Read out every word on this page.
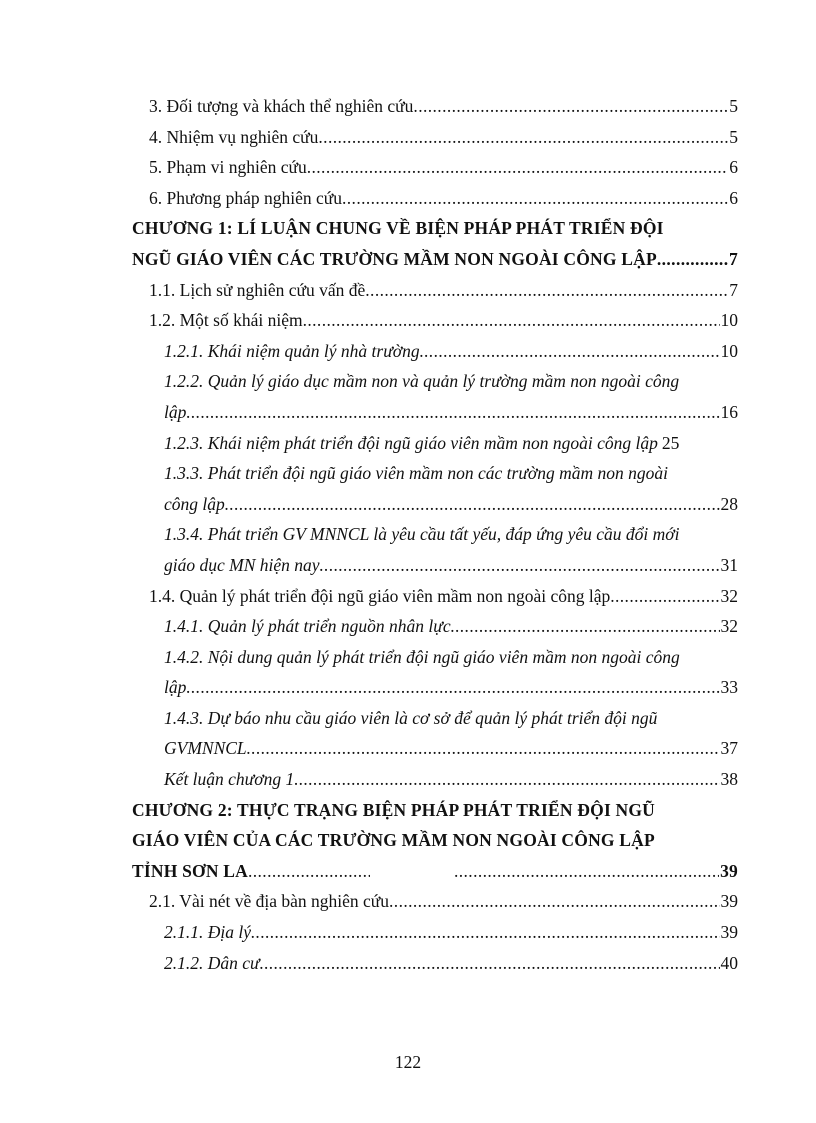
3. Đối tượng và khách thể nghiên cứu .....	5
4. Nhiệm vụ nghiên cứu .....	5
5. Phạm vi nghiên cứu .....	6
6. Phương pháp nghiên cứu .....	6
CHƯƠNG 1: LÍ LUẬN CHUNG VỀ BIỆN PHÁP PHÁT TRIỂN ĐỘI
NGŨ GIÁO VIÊN CÁC TRƯỜNG MẦM NON NGOÀI CÔNG LẬP .....	7
1.1. Lịch sử nghiên cứu vấn đề .....	7
1.2. Một số khái niệm .....	10
1.2.1. Khái niệm quản lý nhà trường .....	10
1.2.2. Quản lý giáo dục mầm non và quản lý trường mầm non ngoài công
lập .....	16
1.2.3. Khái niệm phát triển đội ngũ giáo viên mầm non ngoài công lập 25
1.3.3. Phát triển đội ngũ giáo viên mầm non các trường mầm non ngoài
công lập .....	28
1.3.4. Phát triển GV MNNCL là yêu cầu tất yếu, đáp ứng yêu cầu đổi mới
giáo dục MN hiện nay .....	31
1.4. Quản lý phát triển đội ngũ giáo viên mầm non ngoài công lập .....	32
1.4.1. Quản lý phát triển nguồn nhân lực .....	32
1.4.2. Nội dung quản lý phát triển đội ngũ giáo viên mầm non ngoài công
lập .....	33
1.4.3. Dự báo nhu cầu giáo viên là cơ sở để quản lý phát triển đội ngũ
GVMNNCL .....	37
Kết luận chương 1 .....	38
CHƯƠNG 2: THỰC TRẠNG BIỆN PHÁP PHÁT TRIỂN ĐỘI NGŨ
GIÁO VIÊN CỦA CÁC TRƯỜNG MẦM NON NGOÀI CÔNG LẬP
TỈNH SƠN LA ..... .....	39
2.1. Vài nét về địa bàn nghiên cứu .....	39
2.1.1. Địa lý .....	39
2.1.2. Dân cư .....	40
122
